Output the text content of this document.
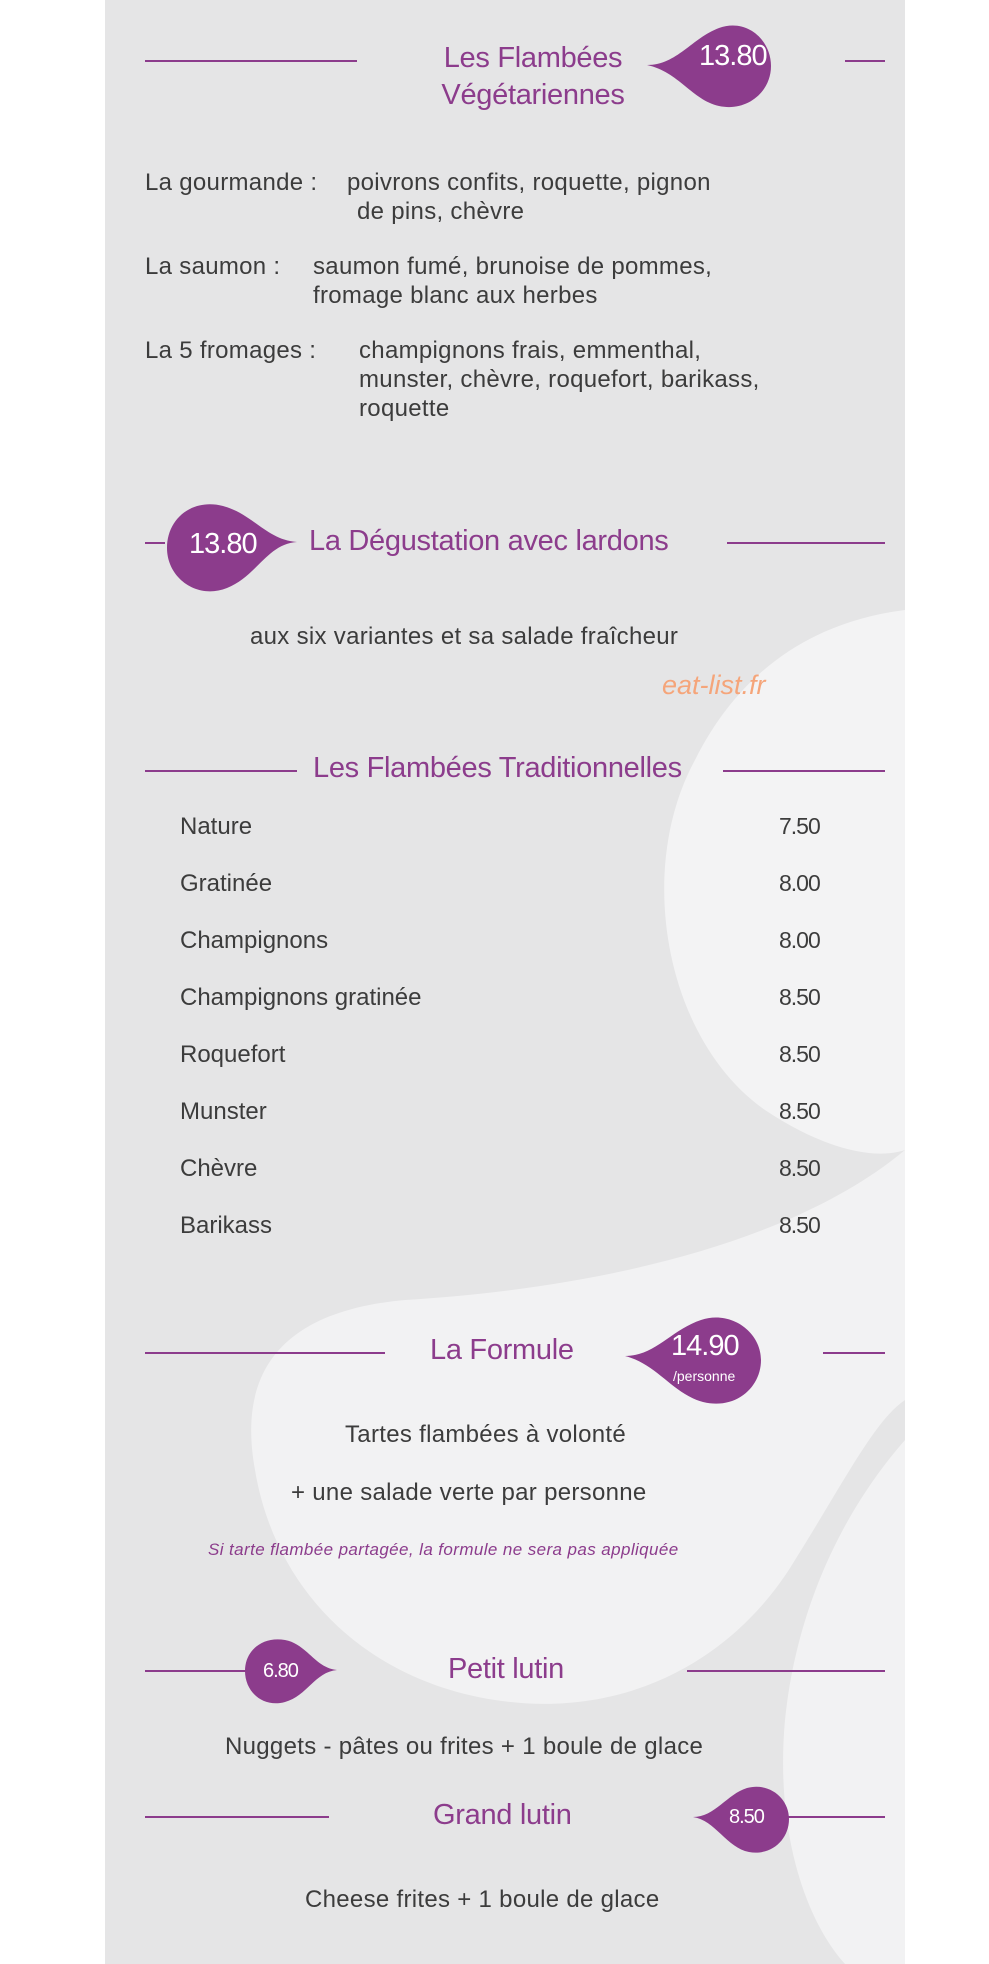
Les Flambées
Végétariennes
13.80
La gourmande : poivrons confits, roquette, pignon
de pins, chèvre
La saumon : saumon fumé, brunoise de pommes,
fromage blanc aux herbes
La 5 fromages : champignons frais, emmenthal,
munster, chèvre, roquefort, barikass,
roquette
13.80 La Dégustation avec lardons
aux six variantes et sa salade fraîcheur
eat-list.fr
Les Flambées Traditionnelles
Nature	7.50
Gratinée	8.00
Champignons	8.00
Champignons gratinée	8.50
Roquefort	8.50
Munster	8.50
Chèvre	8.50
Barikass	8.50
La Formule	14.90
/personne
Tartes flambées à volonté
+ une salade verte par personne
Si tarte flambée partagée, la formule ne sera pas appliquée
6.80	Petit lutin
Nuggets - pâtes ou frites + 1 boule de glace
Grand lutin	8.50
Cheese frites + 1 boule de glace
